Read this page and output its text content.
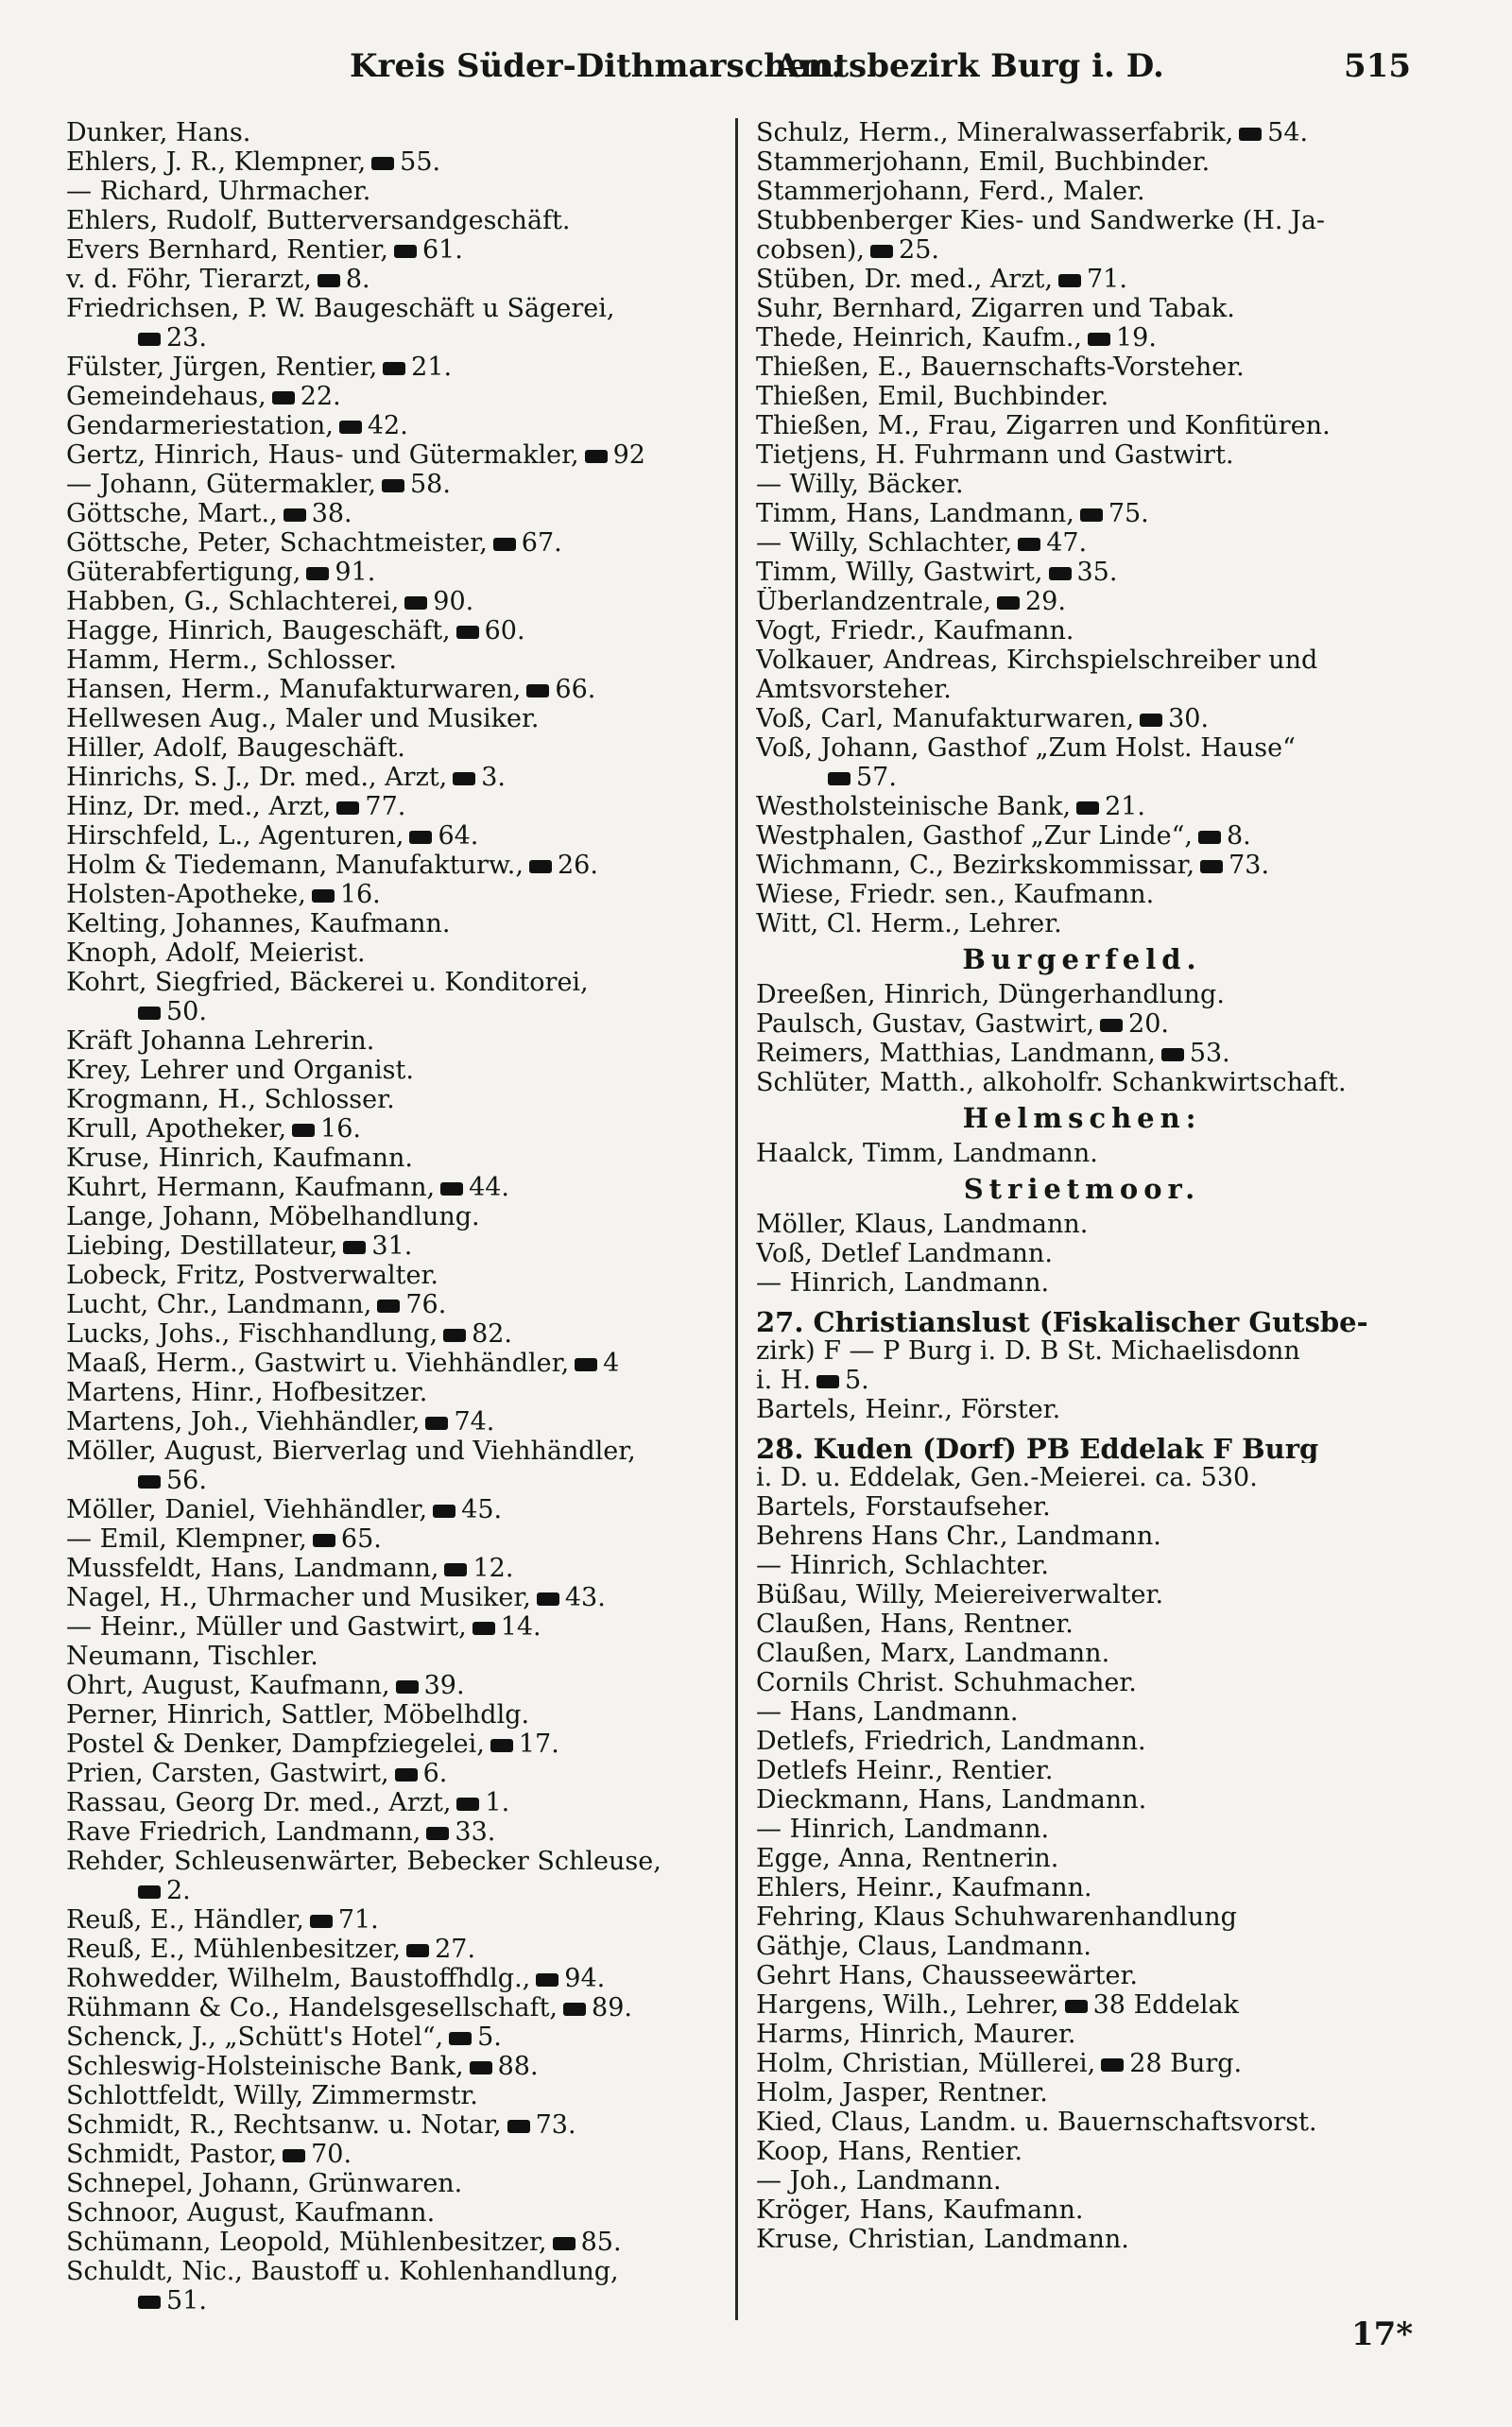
Kreis Süder-Dithmarschen.
Amtsbezirk Burg i. D.	515
Dunker, Hans.
Ehlers, J. R., Klempner, 55.
— Richard, Uhrmacher.
Ehlers, Rudolf, Butterversandgeschäft.
Evers Bernhard, Rentier, 61.
v. d. Föhr, Tierarzt, 8.
Friedrichsen, P. W. Baugeschäft u Sägerei,
23.
Fülster, Jürgen, Rentier, 21.
Gemeindehaus, 22.
Gendarmeriestation, 42.
Gertz, Hinrich, Haus- und Gütermakler, 92
— Johann, Gütermakler, 58.
Göttsche, Mart., 38.
Göttsche, Peter, Schachtmeister, 67.
Güterabfertigung, 91.
Habben, G., Schlachterei, 90.
Hagge, Hinrich, Baugeschäft, 60.
Hamm, Herm., Schlosser.
Hansen, Herm., Manufakturwaren, 66.
Hellwesen Aug., Maler und Musiker.
Hiller, Adolf, Baugeschäft.
Hinrichs, S. J., Dr. med., Arzt, 3.
Hinz, Dr. med., Arzt, 77.
Hirschfeld, L., Agenturen, 64.
Holm & Tiedemann, Manufakturw., 26.
Holsten-Apotheke, 16.
Kelting, Johannes, Kaufmann.
Knoph, Adolf, Meierist.
Kohrt, Siegfried, Bäckerei u. Konditorei,
50.
Kräft Johanna Lehrerin.
Krey, Lehrer und Organist.
Krogmann, H., Schlosser.
Krull, Apotheker, 16.
Kruse, Hinrich, Kaufmann.
Kuhrt, Hermann, Kaufmann, 44.
Lange, Johann, Möbelhandlung.
Liebing, Destillateur, 31.
Lobeck, Fritz, Postverwalter.
Lucht, Chr., Landmann, 76.
Lucks, Johs., Fischhandlung, 82.
Maaß, Herm., Gastwirt u. Viehhändler, 4
Martens, Hinr., Hofbesitzer.
Martens, Joh., Viehhändler, 74.
Möller, August, Bierverlag und Viehhändler,
56.
Möller, Daniel, Viehhändler, 45.
— Emil, Klempner, 65.
Mussfeldt, Hans, Landmann, 12.
Nagel, H., Uhrmacher und Musiker, 43.
— Heinr., Müller und Gastwirt, 14.
Neumann, Tischler.
Ohrt, August, Kaufmann, 39.
Perner, Hinrich, Sattler, Möbelhdlg.
Postel & Denker, Dampfziegelei, 17.
Prien, Carsten, Gastwirt, 6.
Rassau, Georg Dr. med., Arzt, 1.
Rave Friedrich, Landmann, 33.
Rehder, Schleusenwärter, Bebecker Schleuse,
2.
Reuß, E., Händler, 71.
Reuß, E., Mühlenbesitzer, 27.
Rohwedder, Wilhelm, Baustoffhdlg., 94.
Rühmann & Co., Handelsgesellschaft, 89.
Schenck, J., „Schütt's Hotel“, 5.
Schleswig-Holsteinische Bank, 88.
Schlottfeldt, Willy, Zimmermstr.
Schmidt, R., Rechtsanw. u. Notar, 73.
Schmidt, Pastor, 70.
Schnepel, Johann, Grünwaren.
Schnoor, August, Kaufmann.
Schümann, Leopold, Mühlenbesitzer, 85.
Schuldt, Nic., Baustoff u. Kohlenhandlung,
51.
Schulz, Herm., Mineralwasserfabrik, 54.
Stammerjohann, Emil, Buchbinder.
Stammerjohann, Ferd., Maler.
Stubbenberger Kies- und Sandwerke (H. Ja-
cobsen), 25.
Stüben, Dr. med., Arzt, 71.
Suhr, Bernhard, Zigarren und Tabak.
Thede, Heinrich, Kaufm., 19.
Thießen, E., Bauernschafts-Vorsteher.
Thießen, Emil, Buchbinder.
Thießen, M., Frau, Zigarren und Konfitüren.
Tietjens, H. Fuhrmann und Gastwirt.
— Willy, Bäcker.
Timm, Hans, Landmann, 75.
— Willy, Schlachter, 47.
Timm, Willy, Gastwirt, 35.
Überlandzentrale, 29.
Vogt, Friedr., Kaufmann.
Volkauer, Andreas, Kirchspielschreiber und
Amtsvorsteher.
Voß, Carl, Manufakturwaren, 30.
Voß, Johann, Gasthof „Zum Holst. Hause“
57.
Westholsteinische Bank, 21.
Westphalen, Gasthof „Zur Linde“, 8.
Wichmann, C., Bezirkskommissar, 73.
Wiese, Friedr. sen., Kaufmann.
Witt, Cl. Herm., Lehrer.
Burgerfeld.
Dreeßen, Hinrich, Düngerhandlung.
Paulsch, Gustav, Gastwirt, 20.
Reimers, Matthias, Landmann, 53.
Schlüter, Matth., alkoholfr. Schankwirtschaft.
Helmschen:
Haalck, Timm, Landmann.
Strietmoor.
Möller, Klaus, Landmann.
Voß, Detlef Landmann.
— Hinrich, Landmann.
27. Christianslust (Fiskalischer Gutsbe-
zirk) F — P Burg i. D. B St. Michaelisdonn
i. H. 5.
Bartels, Heinr., Förster.
28. Kuden (Dorf) PB Eddelak F Burg
i. D. u. Eddelak, Gen.-Meierei. ca. 530.
Bartels, Forstaufseher.
Behrens Hans Chr., Landmann.
— Hinrich, Schlachter.
Büßau, Willy, Meiereiverwalter.
Claußen, Hans, Rentner.
Claußen, Marx, Landmann.
Cornils Christ. Schuhmacher.
— Hans, Landmann.
Detlefs, Friedrich, Landmann.
Detlefs Heinr., Rentier.
Dieckmann, Hans, Landmann.
— Hinrich, Landmann.
Egge, Anna, Rentnerin.
Ehlers, Heinr., Kaufmann.
Fehring, Klaus Schuhwarenhandlung
Gäthje, Claus, Landmann.
Gehrt Hans, Chausseewärter.
Hargens, Wilh., Lehrer, 38 Eddelak
Harms, Hinrich, Maurer.
Holm, Christian, Müllerei, 28 Burg.
Holm, Jasper, Rentner.
Kied, Claus, Landm. u. Bauernschaftsvorst.
Koop, Hans, Rentier.
— Joh., Landmann.
Kröger, Hans, Kaufmann.
Kruse, Christian, Landmann.
17*
